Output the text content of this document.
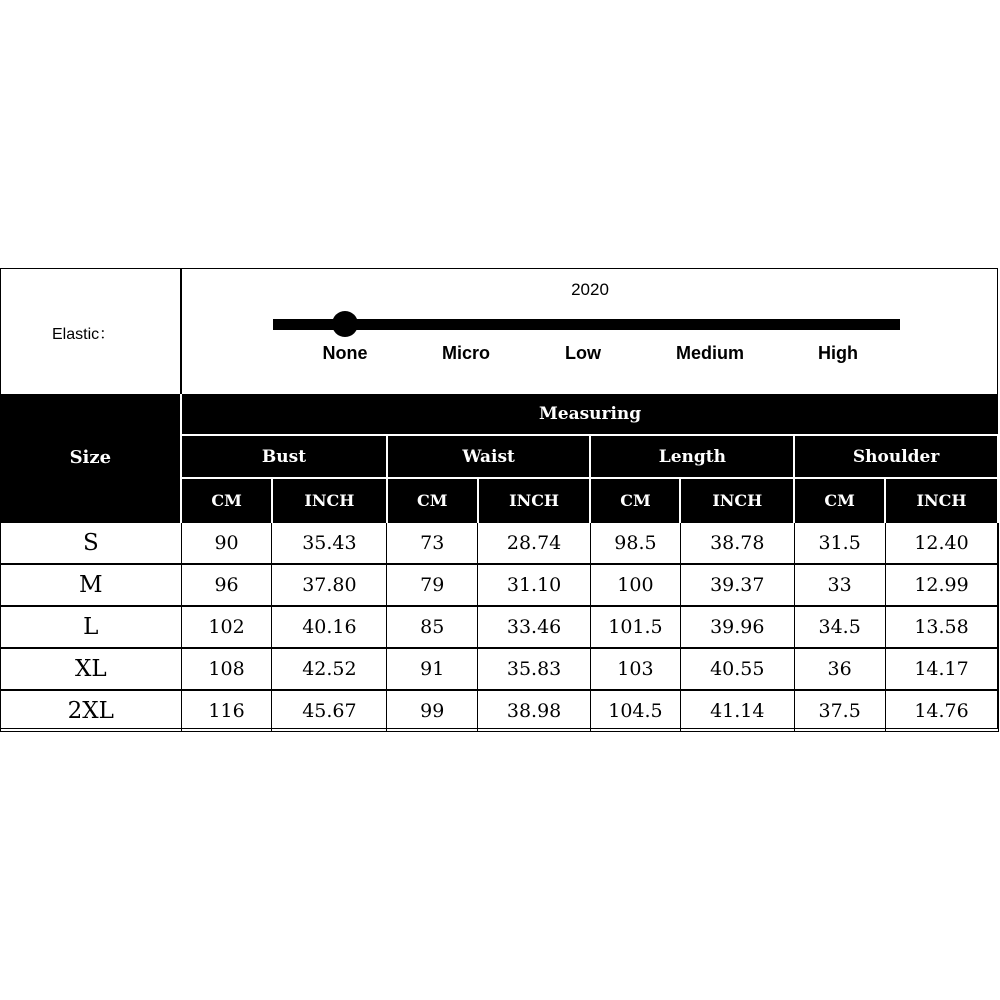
Elastic：
2020
None	Micro	Low	Medium	High
Size	Measuring							
	Bust		Waist		Length		Shoulder	
	CM	INCH	CM	INCH	CM	INCH	CM	INCH
S	90	35.43	73	28.74	98.5	38.78	31.5	12.40
M	96	37.80	79	31.10	100	39.37	33	12.99
L	102	40.16	85	33.46	101.5	39.96	34.5	13.58
XL	108	42.52	91	35.83	103	40.55	36	14.17
2XL	116	45.67	99	38.98	104.5	41.14	37.5	14.76
